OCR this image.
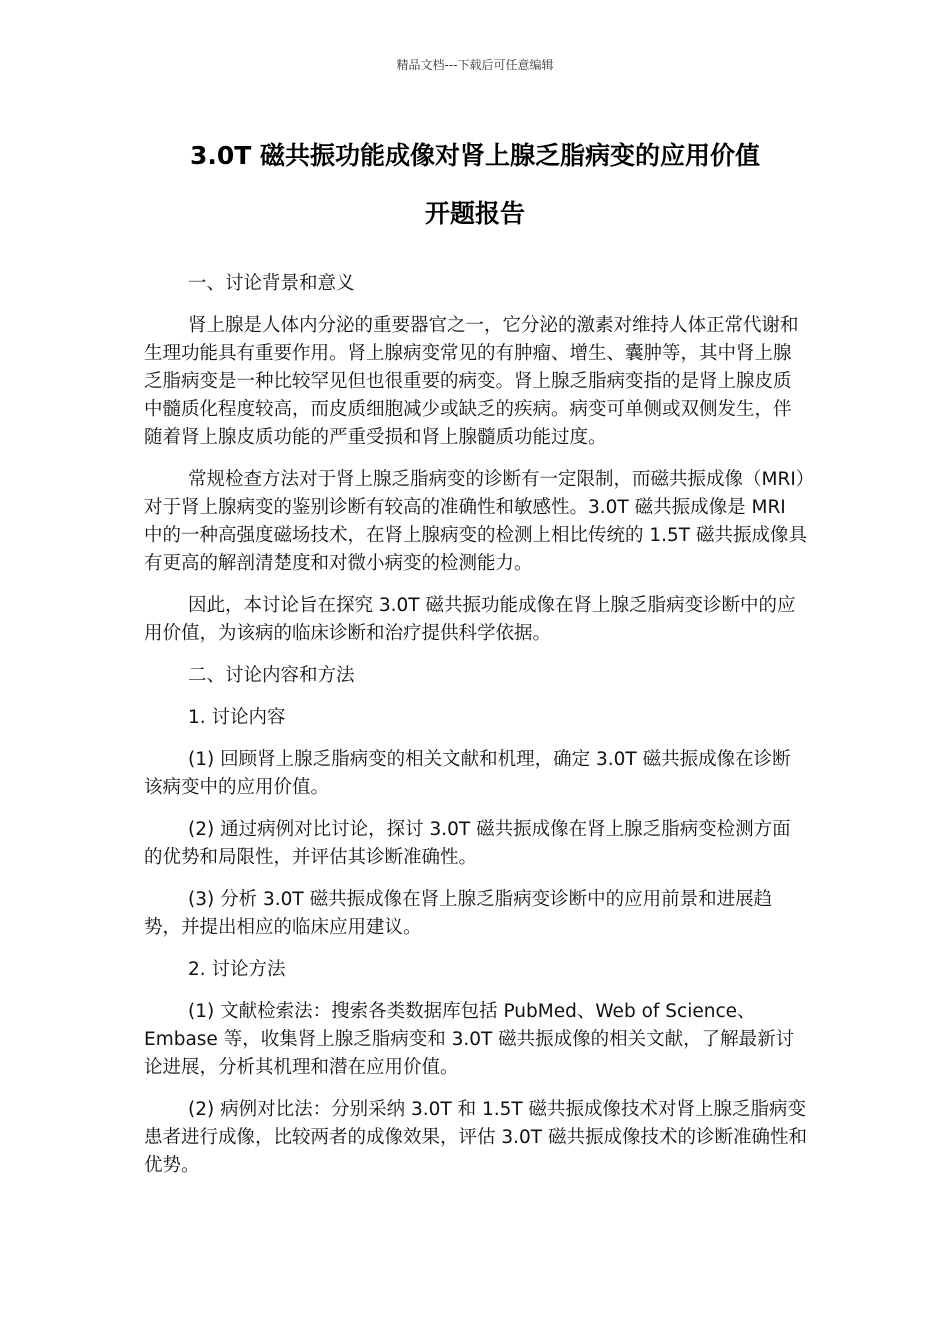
精品文档---下载后可任意编辑
3.0T 磁共振功能成像对肾上腺乏脂病变的应用价值
开题报告

一、讨论背景和意义

肾上腺是人体内分泌的重要器官之一，它分泌的激素对维持人体正常代谢和生理功能具有重要作用。肾上腺病变常见的有肿瘤、增生、囊肿等，其中肾上腺乏脂病变是一种比较罕见但也很重要的病变。肾上腺乏脂病变指的是肾上腺皮质中髓质化程度较高，而皮质细胞减少或缺乏的疾病。病变可单侧或双侧发生，伴随着肾上腺皮质功能的严重受损和肾上腺髓质功能过度。

常规检查方法对于肾上腺乏脂病变的诊断有一定限制，而磁共振成像（MRI）对于肾上腺病变的鉴别诊断有较高的准确性和敏感性。3.0T 磁共振成像是 MRI 中的一种高强度磁场技术，在肾上腺病变的检测上相比传统的 1.5T 磁共振成像具有更高的解剖清楚度和对微小病变的检测能力。

因此，本讨论旨在探究 3.0T 磁共振功能成像在肾上腺乏脂病变诊断中的应用价值，为该病的临床诊断和治疗提供科学依据。

二、讨论内容和方法

1. 讨论内容

(1) 回顾肾上腺乏脂病变的相关文献和机理，确定 3.0T 磁共振成像在诊断该病变中的应用价值。

(2) 通过病例对比讨论，探讨 3.0T 磁共振成像在肾上腺乏脂病变检测方面的优势和局限性，并评估其诊断准确性。

(3) 分析 3.0T 磁共振成像在肾上腺乏脂病变诊断中的应用前景和进展趋势，并提出相应的临床应用建议。

2. 讨论方法

(1) 文献检索法：搜索各类数据库包括 PubMed、Web of Science、Embase 等，收集肾上腺乏脂病变和 3.0T 磁共振成像的相关文献，了解最新讨论进展，分析其机理和潜在应用价值。

(2) 病例对比法：分别采纳 3.0T 和 1.5T 磁共振成像技术对肾上腺乏脂病变患者进行成像，比较两者的成像效果，评估 3.0T 磁共振成像技术的诊断准确性和优势。
